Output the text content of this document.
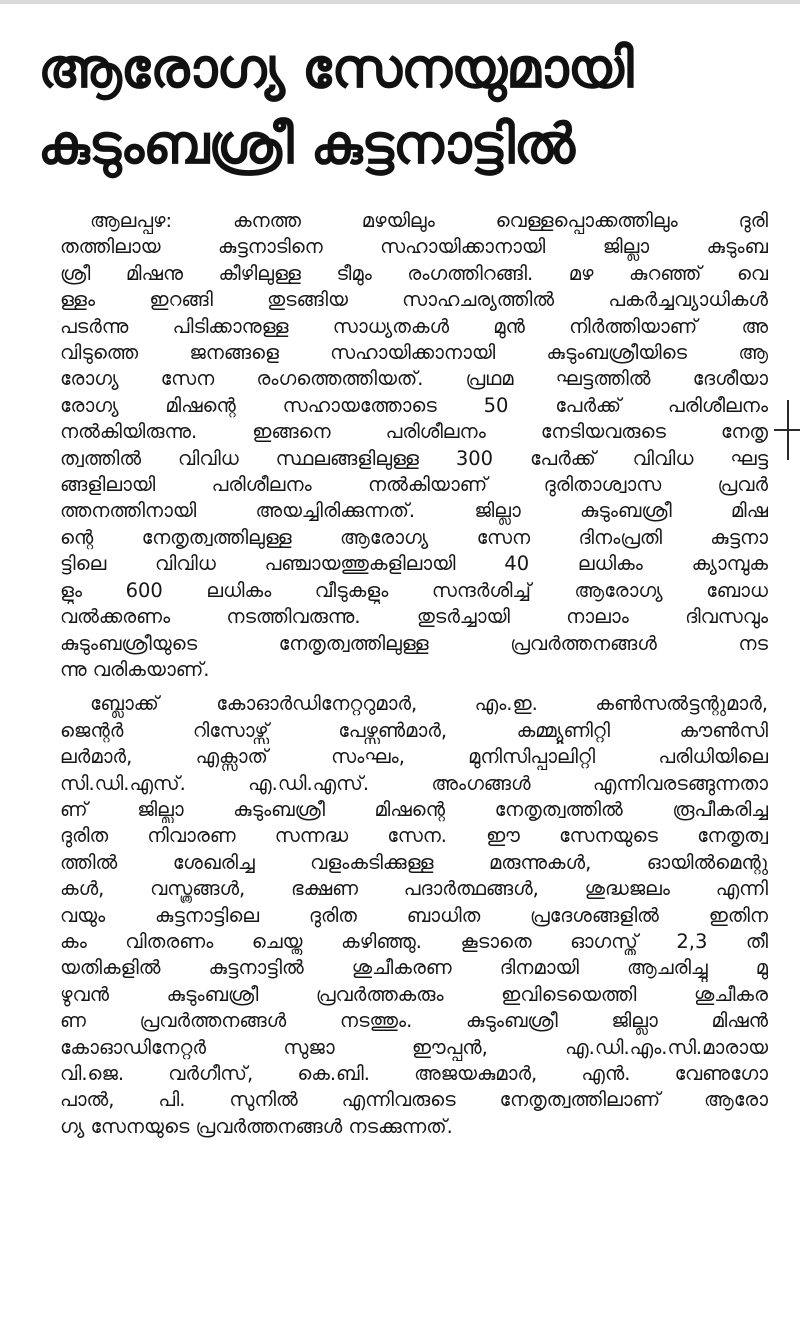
ആരോഗ്യ സേനയുമായി
കുടുംബശ്രീ കുട്ടനാട്ടിൽ

ആലപ്പുഴ: കനത്ത മഴയിലും വെള്ളപ്പൊക്കത്തിലും ദുരി
തത്തിലായ കുട്ടനാടിനെ സഹായിക്കാനായി ജില്ലാ കുടുംബ
ശ്രീ മിഷനു കീഴിലുള്ള ടീമും രംഗത്തിറങ്ങി. മഴ കുറഞ്ഞ് വെ
ള്ളം ഇറങ്ങി തുടങ്ങിയ സാഹചര്യത്തിൽ പകർച്ചവ്യാധികൾ
പടർന്നു പിടിക്കാനുള്ള സാധ്യതകൾ മുൻ നിർത്തിയാണ് അ
വിടുത്തെ ജനങ്ങളെ സഹായിക്കാനായി കുടുംബശ്രീയിടെ ആ
രോഗ്യ സേന രംഗത്തെത്തിയത്. പ്രഥമ ഘട്ടത്തിൽ ദേശീയാ
രോഗ്യ മിഷന്റെ സഹായത്തോടെ 50 പേർക്ക് പരിശീലനം
നൽകിയിരുന്നു. ഇങ്ങനെ പരിശീലനം നേടിയവരുടെ നേതൃ
ത്വത്തിൽ വിവിധ സ്ഥലങ്ങളിലുള്ള 300 പേർക്ക് വിവിധ ഘട്ട
ങ്ങളിലായി പരിശീലനം നൽകിയാണ് ദുരിതാശ്വാസ പ്രവർ
ത്തനത്തിനായി അയച്ചിരിക്കുന്നത്. ജില്ലാ കുടുംബശ്രീ മിഷ
ന്റെ നേതൃത്വത്തിലുള്ള ആരോഗ്യ സേന ദിനംപ്രതി കുട്ടനാ
ട്ടിലെ വിവിധ പഞ്ചായത്തുകളിലായി 40 ലധികം ക്യാമ്പുക
ളും 600 ലധികം വീടുകളും സന്ദർശിച്ച് ആരോഗ്യ ബോധ
വൽക്കരണം നടത്തിവരുന്നു. തുടർച്ചായി നാലാം ദിവസവും
കുടുംബശ്രീയുടെ നേതൃത്വത്തിലുള്ള പ്രവർത്തനങ്ങൾ നട
ന്നു വരികയാണ്.

ബ്ലോക്ക് കോഓർഡിനേറ്ററുമാർ, എം.ഇ. കൺസൽട്ടന്റുമാർ,
ജെന്റർ റിസോഴ്സ് പേഴ്സൺമാർ, കമ്മ്യൂണിറ്റി കൗൺസി
ലർമാർ, എക്സാത് സംഘം, മുനിസിപ്പാലിറ്റി പരിധിയിലെ
സി.ഡി.എസ്. എ.ഡി.എസ്. അംഗങ്ങൾ എന്നിവരടങ്ങുന്നതാ
ണ് ജില്ലാ കുടുംബശ്രീ മിഷന്റെ നേതൃത്വത്തിൽ രൂപീകരിച്ച
ദുരിത നിവാരണ സന്നദ്ധ സേന. ഈ സേനയുടെ നേതൃത്വ
ത്തിൽ ശേഖരിച്ച വളംകടിക്കുള്ള മരുന്നുകൾ, ഓയിൽമെന്റു
കൾ, വസ്ത്രങ്ങൾ, ഭക്ഷണ പദാർത്ഥങ്ങൾ, ശുദ്ധജലം എന്നി
വയും കുട്ടനാട്ടിലെ ദുരിത ബാധിത പ്രദേശങ്ങളിൽ ഇതിന
കം വിതരണം ചെയ്തു കഴിഞ്ഞു. കൂടാതെ ഓഗസ്ത് 2,3 തീ
യതികളിൽ കുട്ടനാട്ടിൽ ശുചീകരണ ദിനമായി ആചരിച്ചു മു
ഴുവൻ കുടുംബശ്രീ പ്രവർത്തകരും ഇവിടെയെത്തി ശുചീകര
ണ പ്രവർത്തനങ്ങൾ നടത്തും. കുടുംബശ്രീ ജില്ലാ മിഷൻ
കോഓഡിനേറ്റർ സുജാ ഈപ്പൻ, എ.ഡി.എം.സി.മാരായ
വി.ജെ. വർഗീസ്, കെ.ബി. അജയകുമാർ, എൻ. വേണുഗോ
പാൽ, പി. സുനിൽ എന്നിവരുടെ നേതൃത്വത്തിലാണ് ആരോ
ഗ്യ സേനയുടെ പ്രവർത്തനങ്ങൾ നടക്കുന്നത്.
